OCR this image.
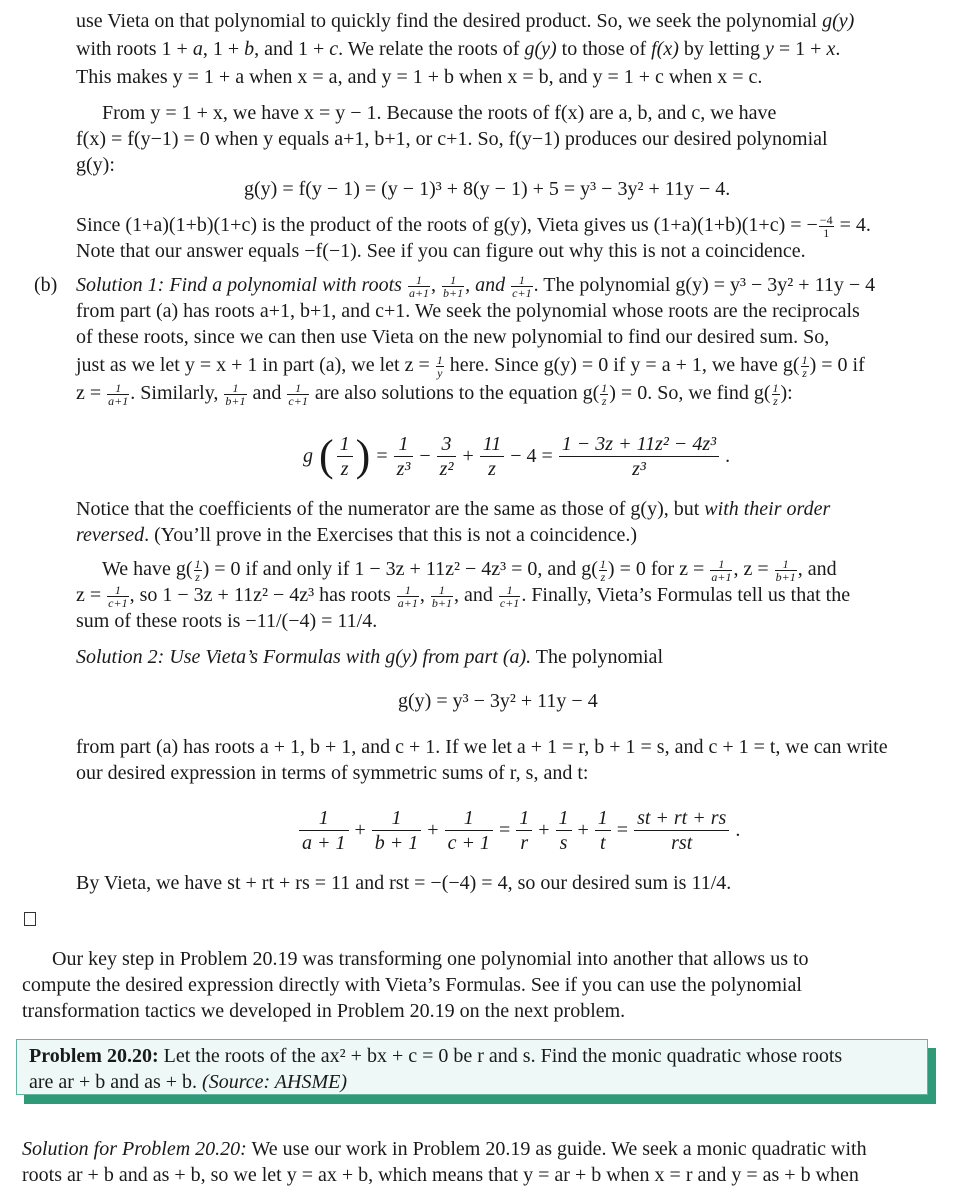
use Vieta on that polynomial to quickly find the desired product. So, we seek the polynomial g(y)
with roots 1 + a, 1 + b, and 1 + c. We relate the roots of g(y) to those of f(x) by letting y = 1 + x.
This makes y = 1 + a when x = a, and y = 1 + b when x = b, and y = 1 + c when x = c.
From y = 1 + x, we have x = y − 1. Because the roots of f(x) are a, b, and c, we have
f(x) = f(y−1) = 0 when y equals a+1, b+1, or c+1. So, f(y−1) produces our desired polynomial
g(y):
g(y) = f(y − 1) = (y − 1)³ + 8(y − 1) + 5 = y³ − 3y² + 11y − 4.
Since (1+a)(1+b)(1+c) is the product of the roots of g(y), Vieta gives us (1+a)(1+b)(1+c) = − $\frac{-4}{1} = 4$.
Note that our answer equals −f(−1). See if you can figure out why this is not a coincidence.
(b) Solution 1: Find a polynomial with roots $\frac{1}{a+1}$ , $\frac{1}{b+1}$ , and $\frac{1}{c+1}$ . The polynomial g(y) = y³ − 3y² + 11y − 4
from part (a) has roots a+1, b+1, and c+1. We seek the polynomial whose roots are the reciprocals
of these roots, since we can then use Vieta on the new polynomial to find our desired sum. So,
just as we let y = x + 1 in part (a), we let $z = \frac{1}{y}$ here. Since g(y) = 0 if y = a + 1, we have $g( \frac{1}{z}$ ) = 0 if
$z = \frac{1}{a+1}$ . Similarly, $\frac{1}{b+1}$ and $\frac{1}{c+1}$ are also solutions to the equation $g( \frac{1}{z}$ ) = 0. So, we find $g( \frac{1}{z}$ ):
g ( $\frac{1}{z}$ ) = $\frac{1}{\text{z³}} - \frac{3}{\text{z²}} + \frac{11}{z} - 4 = \frac{\text{1 − 3z + 11z² − 4z³}}{\text{z³}}$ .
Notice that the coefficients of the numerator are the same as those of g(y), but with their order
reversed. (You’ll prove in the Exercises that this is not a coincidence.)
We have $g( \frac{1}{z}$ ) = 0 if and only if 1 − 3z + 11z² − 4z³ = 0, and $g( \frac{1}{z}$ ) = 0 for $z = \frac{1}{a+1}$ , $z = \frac{1}{b+1}$ , and
$z = \frac{1}{c+1}$ , so 1 − 3z + 11z² − 4z³ has roots $\frac{1}{a+1}$ , $\frac{1}{b+1}$ , and $\frac{1}{c+1}$ . Finally, Vieta’s Formulas tell us that the
sum of these roots is −11/(−4) = 11/4.
Solution 2: Use Vieta’s Formulas with g(y) from part (a). The polynomial
g(y) = y³ − 3y² + 11y − 4
from part (a) has roots a + 1, b + 1, and c + 1. If we let a + 1 = r, b + 1 = s, and c + 1 = t, we can write
our desired expression in terms of symmetric sums of r, s, and t:
$\frac{1}{a + 1} + \frac{1}{b + 1} + \frac{1}{c + 1} = \frac{1}{r} + \frac{1}{s} + \frac{1}{t}$ =
st + rt + rs
rst
.
By Vieta, we have st + rt + rs = 11 and rst = −(−4) = 4, so our desired sum is 11/4.
Our key step in Problem 20.19 was transforming one polynomial into another that allows us to
compute the desired expression directly with Vieta’s Formulas. See if you can use the polynomial
transformation tactics we developed in Problem 20.19 on the next problem.
Problem 20.20: Let the roots of the ax² + bx + c = 0 be r and s. Find the monic quadratic whose roots
are ar + b and as + b. (Source: AHSME)
Solution for Problem 20.20: We use our work in Problem 20.19 as guide. We seek a monic quadratic with
roots ar + b and as + b, so we let y = ax + b, which means that y = ar + b when x = r and y = as + b when
